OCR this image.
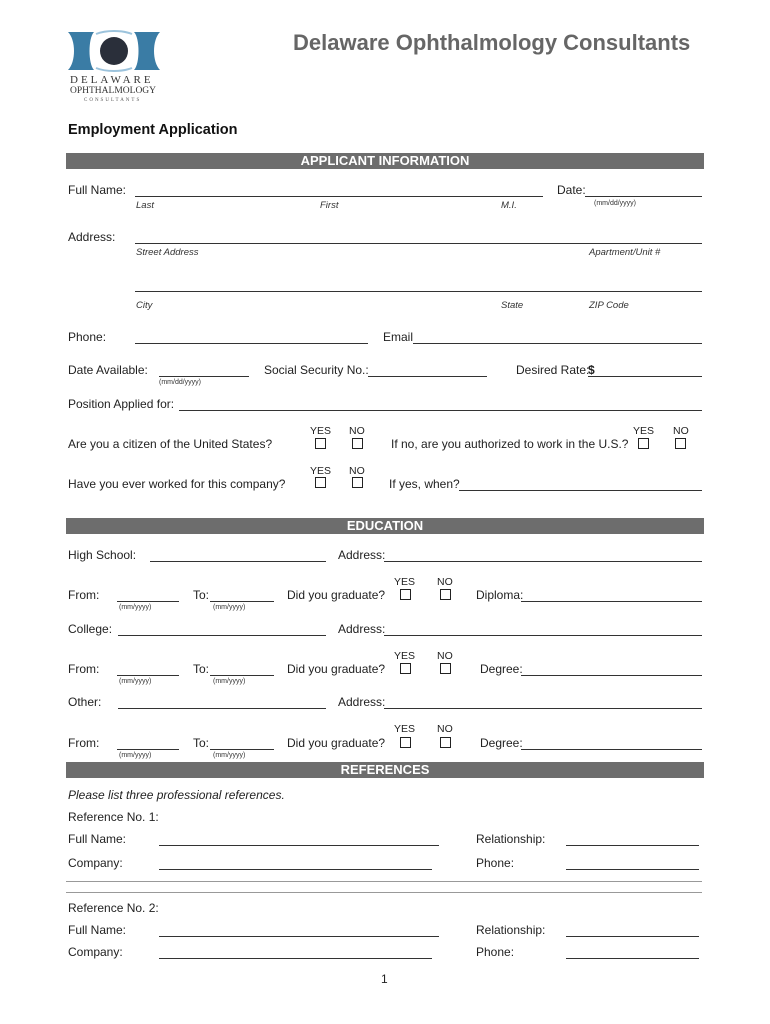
DELAWARE
OPHTHALMOLOGY
CONSULTANTS
Delaware Ophthalmology Consultants
Employment Application
APPLICANT INFORMATION
Full Name:
Last	First	M.I.
Date:
(mm/dd/yyyy)
Address:
Street Address	Apartment/Unit #
City	State	ZIP Code
Phone:	Email
Date Available:
(mm/dd/yyyy)
Social Security No.:	Desired Rate:
$
Position Applied for:
YES NO
Are you a citizen of the United States?
YES NO
If no, are you authorized to work in the U.S.?
YES NO
Have you ever worked for this company?	If yes, when?
EDUCATION
High School:	Address:
YES NO
From:
(mm/yyyy)
To:
(mm/yyyy)
Did you graduate?	Diploma:
College:	Address:
YES NO
From:
(mm/yyyy)
To:
(mm/yyyy)
Did you graduate?	Degree:
Other:	Address:
YES NO
From:
(mm/yyyy)
To:
(mm/yyyy)
Did you graduate?	Degree:
REFERENCES
Please list three professional references.
Reference No. 1:
Full Name:	Relationship:
Company:	Phone:
Reference No. 2:
Full Name:	Relationship:
Company:	Phone:
1
